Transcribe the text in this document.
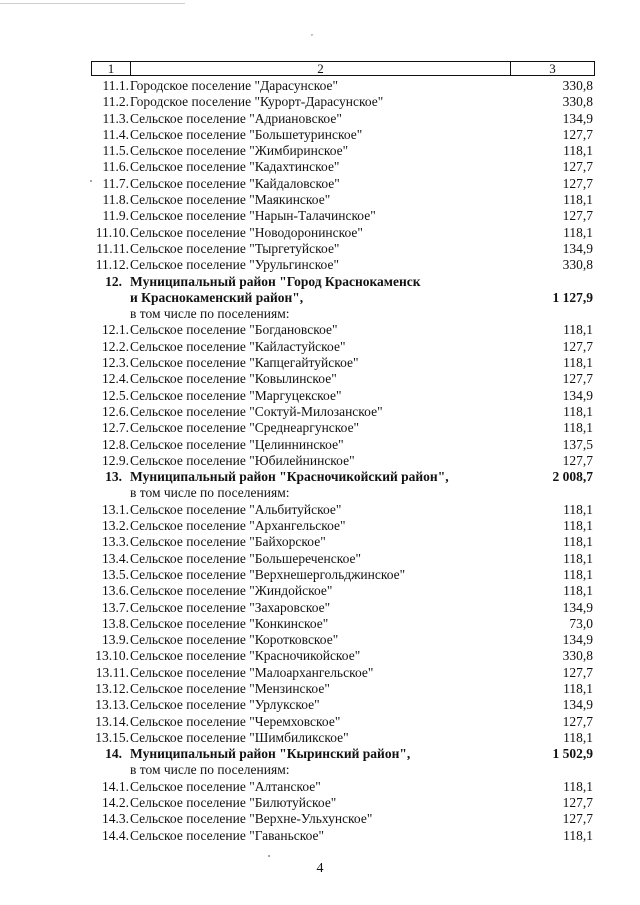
,
1	2	3
11.1. Городское поселение "Дарасунское"	330,8
11.2. Городское поселение "Курорт-Дарасунское"	330,8
11.3. Сельское поселение "Адриановское"	134,9
11.4. Сельское поселение "Большетуринское"	127,7
11.5. Сельское поселение "Жимбиринское"	118,1
11.6. Сельское поселение "Кадахтинское"	127,7
11.7. Сельское поселение "Кайдаловское"	127,7
11.8. Сельское поселение "Маякинское"	118,1
11.9. Сельское поселение "Нарын-Талачинское"	127,7
11.10. Сельское поселение "Новодоронинское"	118,1
11.11. Сельское поселение "Тыргетуйское"	134,9
11.12. Сельское поселение "Урульгинское"	330,8
12. Муниципальный район "Город Краснокаменск
и Краснокаменский район",	1 127,9
в том числе по поселениям:
12.1. Сельское поселение "Богдановское"	118,1
12.2. Сельское поселение "Кайластуйское"	127,7
12.3. Сельское поселение "Капцегайтуйское"	118,1
12.4. Сельское поселение "Ковылинское"	127,7
12.5. Сельское поселение "Маргуцекское"	134,9
12.6. Сельское поселение "Соктуй-Милозанское"	118,1
12.7. Сельское поселение "Среднеаргунское"	118,1
12.8. Сельское поселение "Целиннинское"	137,5
12.9. Сельское поселение "Юбилейнинское"	127,7
13. Муниципальный район "Красночикойский район",	2 008,7
в том числе по поселениям:
13.1. Сельское поселение "Альбитуйское"	118,1
13.2. Сельское поселение "Архангельское"	118,1
13.3. Сельское поселение "Байхорское"	118,1
13.4. Сельское поселение "Большереченское"	118,1
13.5. Сельское поселение "Верхнешергольджинское"	118,1
13.6. Сельское поселение "Жиндойское"	118,1
13.7. Сельское поселение "Захаровское"	134,9
13.8. Сельское поселение "Конкинское"	73,0
13.9. Сельское поселение "Коротковское"	134,9
13.10. Сельское поселение "Красночикойское"	330,8
13.11. Сельское поселение "Малоархангельское"	127,7
13.12. Сельское поселение "Мензинское"	118,1
13.13. Сельское поселение "Урлукское"	134,9
13.14. Сельское поселение "Черемховское"	127,7
13.15. Сельское поселение "Шимбиликское"	118,1
14. Муниципальный район "Кыринский район",	1 502,9
в том числе по поселениям:
14.1. Сельское поселение "Алтанское"	118,1
14.2. Сельское поселение "Билютуйское"	127,7
14.3. Сельское поселение "Верхне-Ульхунское"	127,7
14.4. Сельское поселение "Гаваньское"	118,1
4
